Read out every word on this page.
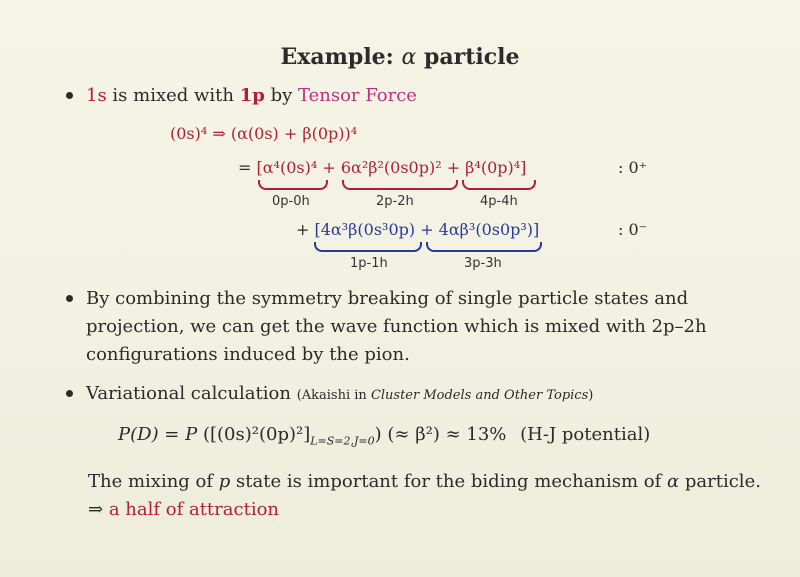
Example: α particle
1s is mixed with 1p by Tensor Force
(0s)⁴ ⇒ (α(0s) + β(0p))⁴
= [α⁴(0s)⁴ + 6α²β²(0s0p)² + β⁴(0p)⁴]	: 0⁺
0p-0h	2p-2h	4p-4h
+ [4α³β(0s³0p) + 4αβ³(0s0p³)]	: 0⁻
1p-1h	3p-3h
By combining the symmetry breaking of single particle states and
projection, we can get the wave function which is mixed with 2p–2h
configurations induced by the pion.
Variational calculation (Akaishi in Cluster Models and Other Topics)
P(D) = P $([(0s)^2(0p)^2]_{L=S=2,J=0})$ (≈ β²) ≈ 13% (H-J potential)
The mixing of p state is important for the biding mechanism of α particle.
⇒ a half of attraction
